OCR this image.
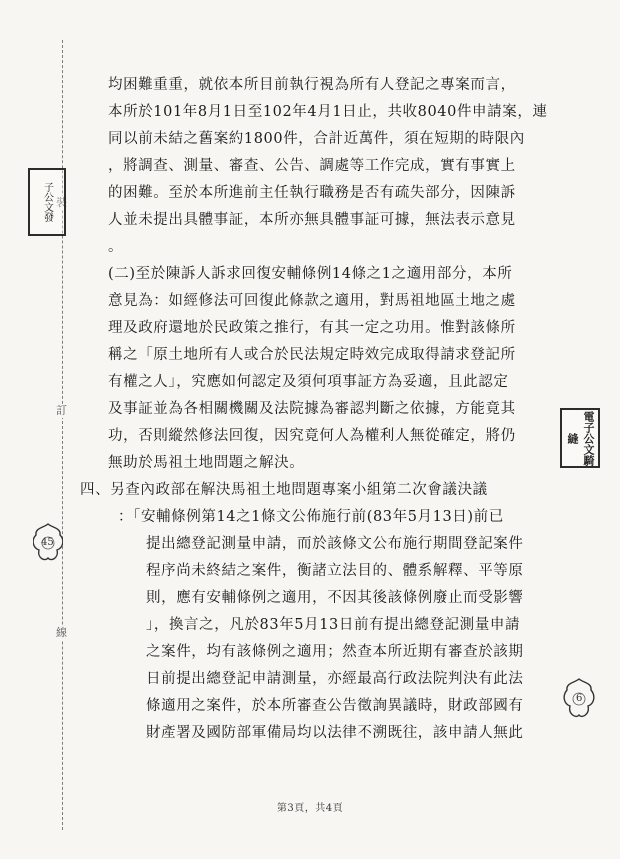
裝
訂
線
子公文發
電子公文騎縫
45
6
均困難重重，就依本所目前執行視為所有人登記之專案而言，
本所於101年8月1日至102年4月1日止，共收8040件申請案，連
同以前未結之舊案約1800件，合計近萬件，須在短期的時限內
，將調查、測量、審查、公告、調處等工作完成，實有事實上
的困難。至於本所進前主任執行職務是否有疏失部分，因陳訴
人並未提出具體事証，本所亦無具體事証可據，無法表示意見
。
(二)至於陳訴人訴求回復安輔條例14條之1之適用部分，本所
意見為：如經修法可回復此條款之適用，對馬祖地區土地之處
理及政府還地於民政策之推行，有其一定之功用。惟對該條所
稱之「原土地所有人或合於民法規定時效完成取得請求登記所
有權之人」，究應如何認定及須何項事証方為妥適，且此認定
及事証並為各相關機關及法院據為審認判斷之依據，方能竟其
功，否則縱然修法回復，因究竟何人為權利人無從確定，將仍
無助於馬祖土地問題之解決。
四、另查內政部在解決馬祖土地問題專案小組第二次會議決議
：「安輔條例第14之1條文公佈施行前(83年5月13日)前已
提出總登記測量申請，而於該條文公布施行期間登記案件
程序尚未終結之案件，衡諸立法目的、體系解釋、平等原
則，應有安輔條例之適用，不因其後該條例廢止而受影響
」，換言之，凡於83年5月13日前有提出總登記測量申請
之案件，均有該條例之適用；然查本所近期有審查於該期
日前提出總登記申請測量，亦經最高行政法院判決有此法
條適用之案件，於本所審查公告徵詢異議時，財政部國有
財產署及國防部軍備局均以法律不溯既往，該申請人無此
第3頁，共4頁
